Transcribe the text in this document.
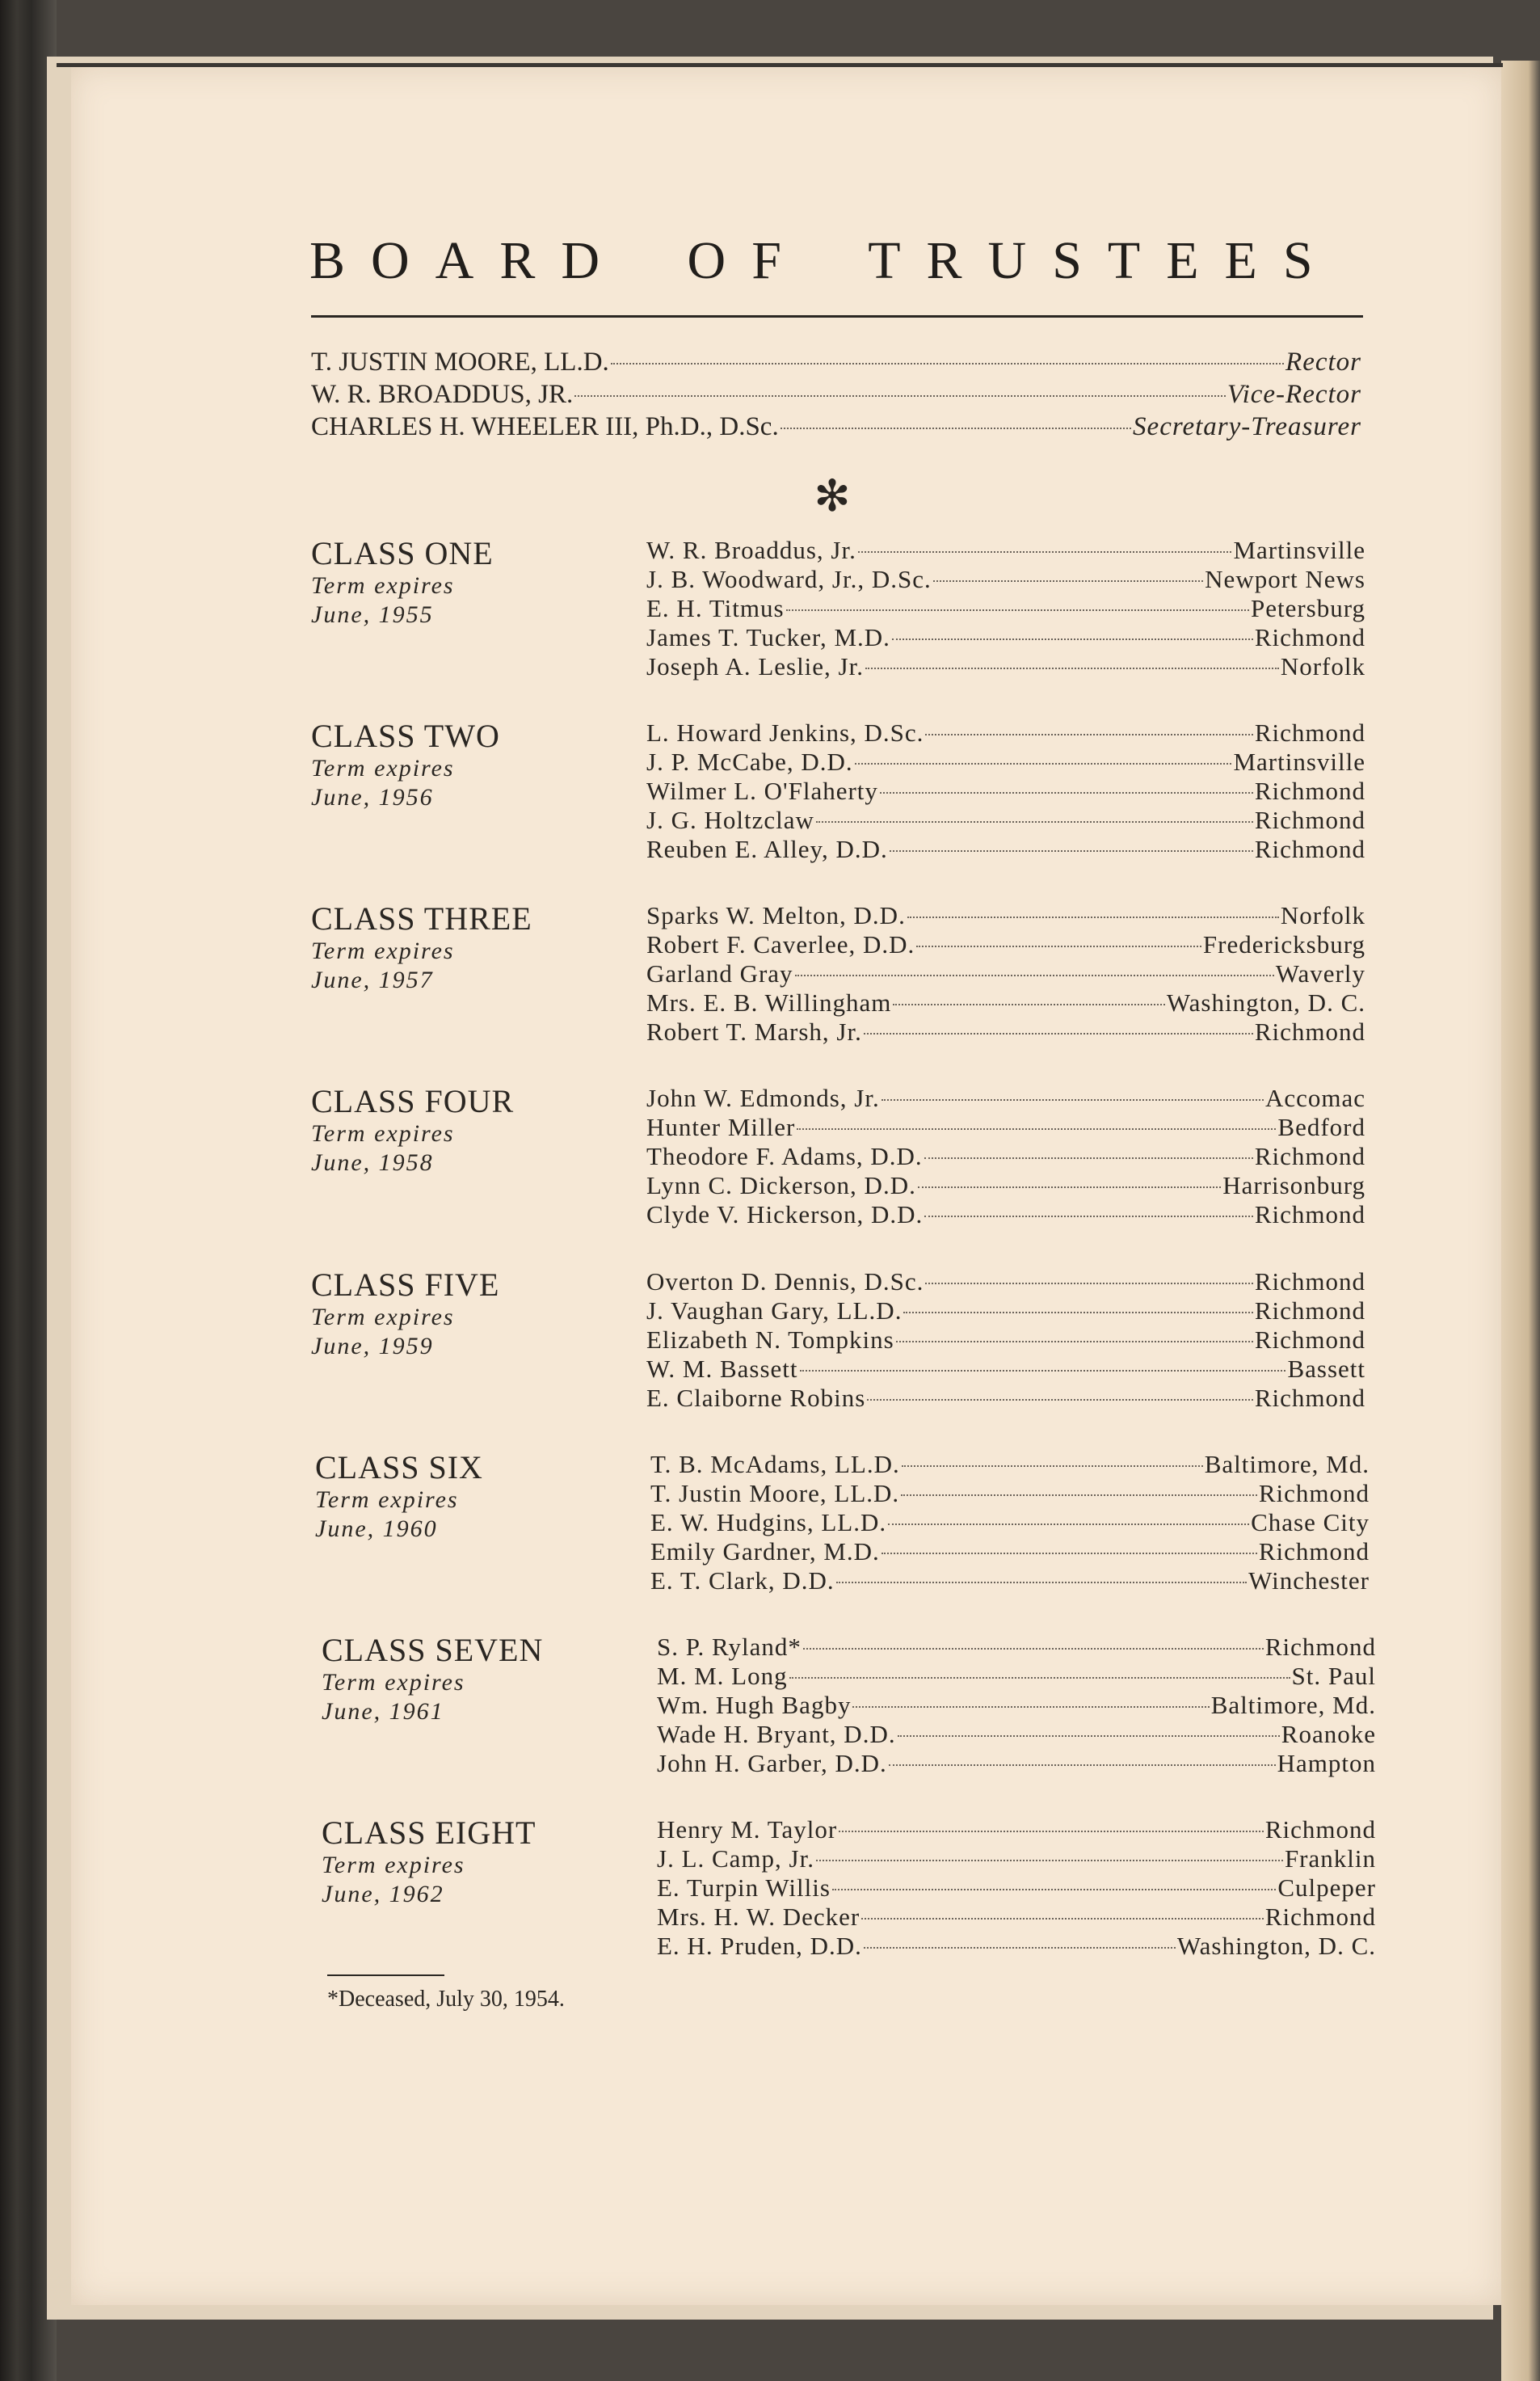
BOARD OF TRUSTEES
T. JUSTIN MOORE, LL.D.	Rector
W. R. BROADDUS, JR.	Vice-Rector
CHARLES H. WHEELER III, Ph.D., D.Sc.	Secretary-Treasurer
✻
CLASS ONE
Term expires
June, 1955
W. R. Broaddus, Jr.	Martinsville
J. B. Woodward, Jr., D.Sc.	Newport News
E. H. Titmus	Petersburg
James T. Tucker, M.D.	Richmond
Joseph A. Leslie, Jr.	Norfolk
CLASS TWO
Term expires
June, 1956
L. Howard Jenkins, D.Sc.	Richmond
J. P. McCabe, D.D.	Martinsville
Wilmer L. O'Flaherty	Richmond
J. G. Holtzclaw	Richmond
Reuben E. Alley, D.D.	Richmond
CLASS THREE
Term expires
June, 1957
Sparks W. Melton, D.D.	Norfolk
Robert F. Caverlee, D.D.	Fredericksburg
Garland Gray	Waverly
Mrs. E. B. Willingham	Washington, D. C.
Robert T. Marsh, Jr.	Richmond
CLASS FOUR
Term expires
June, 1958
John W. Edmonds, Jr.	Accomac
Hunter Miller	Bedford
Theodore F. Adams, D.D.	Richmond
Lynn C. Dickerson, D.D.	Harrisonburg
Clyde V. Hickerson, D.D.	Richmond
CLASS FIVE
Term expires
June, 1959
Overton D. Dennis, D.Sc.	Richmond
J. Vaughan Gary, LL.D.	Richmond
Elizabeth N. Tompkins	Richmond
W. M. Bassett	Bassett
E. Claiborne Robins	Richmond
CLASS SIX
Term expires
June, 1960
T. B. McAdams, LL.D.	Baltimore, Md.
T. Justin Moore, LL.D.	Richmond
E. W. Hudgins, LL.D.	Chase City
Emily Gardner, M.D.	Richmond
E. T. Clark, D.D.	Winchester
CLASS SEVEN
Term expires
June, 1961
S. P. Ryland*	Richmond
M. M. Long	St. Paul
Wm. Hugh Bagby	Baltimore, Md.
Wade H. Bryant, D.D.	Roanoke
John H. Garber, D.D.	Hampton
CLASS EIGHT
Term expires
June, 1962
Henry M. Taylor	Richmond
J. L. Camp, Jr.	Franklin
E. Turpin Willis	Culpeper
Mrs. H. W. Decker	Richmond
E. H. Pruden, D.D.	Washington, D. C.
*Deceased, July 30, 1954.
